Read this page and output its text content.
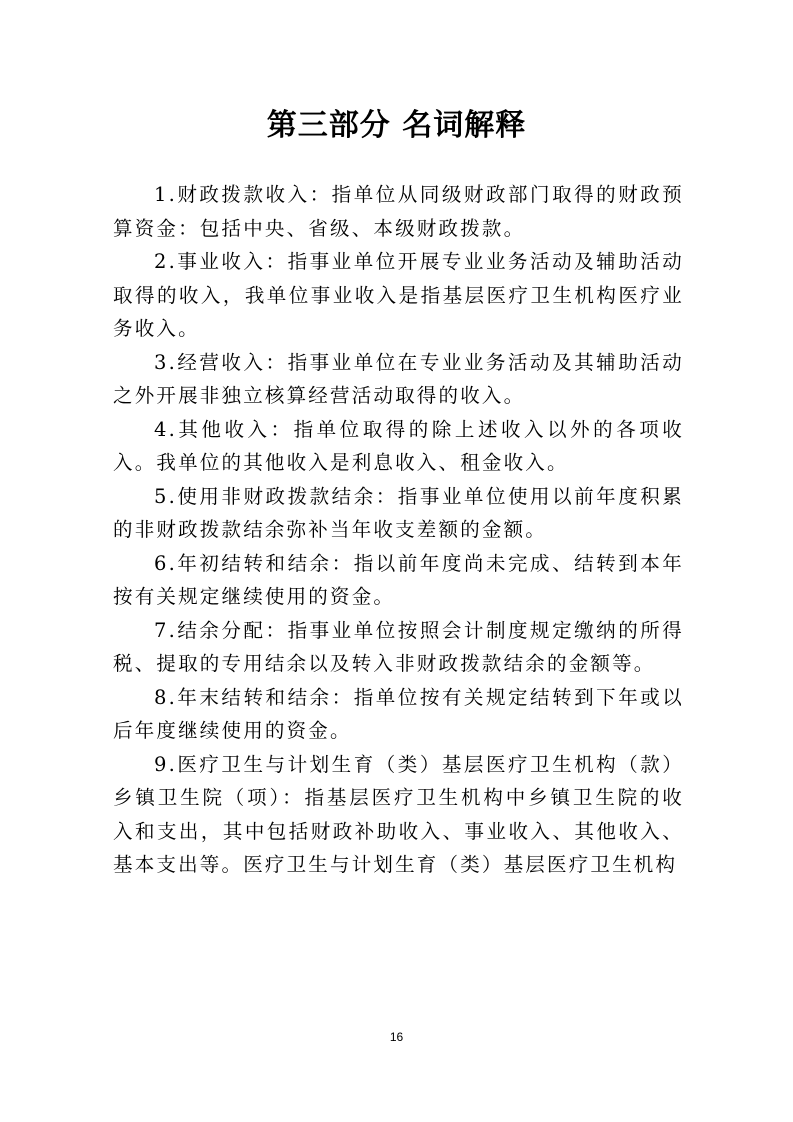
第三部分 名词解释

1.财政拨款收入：指单位从同级财政部门取得的财政预算资金：包括中央、省级、本级财政拨款。

2.事业收入：指事业单位开展专业业务活动及辅助活动取得的收入，我单位事业收入是指基层医疗卫生机构医疗业务收入。

3.经营收入：指事业单位在专业业务活动及其辅助活动之外开展非独立核算经营活动取得的收入。

4.其他收入：指单位取得的除上述收入以外的各项收入。我单位的其他收入是利息收入、租金收入。

5.使用非财政拨款结余：指事业单位使用以前年度积累的非财政拨款结余弥补当年收支差额的金额。

6.年初结转和结余：指以前年度尚未完成、结转到本年按有关规定继续使用的资金。

7.结余分配：指事业单位按照会计制度规定缴纳的所得税、提取的专用结余以及转入非财政拨款结余的金额等。

8.年末结转和结余：指单位按有关规定结转到下年或以后年度继续使用的资金。

9.医疗卫生与计划生育（类）基层医疗卫生机构（款）乡镇卫生院（项）：指基层医疗卫生机构中乡镇卫生院的收入和支出，其中包括财政补助收入、事业收入、其他收入、基本支出等。医疗卫生与计划生育（类）基层医疗卫生机构

16
